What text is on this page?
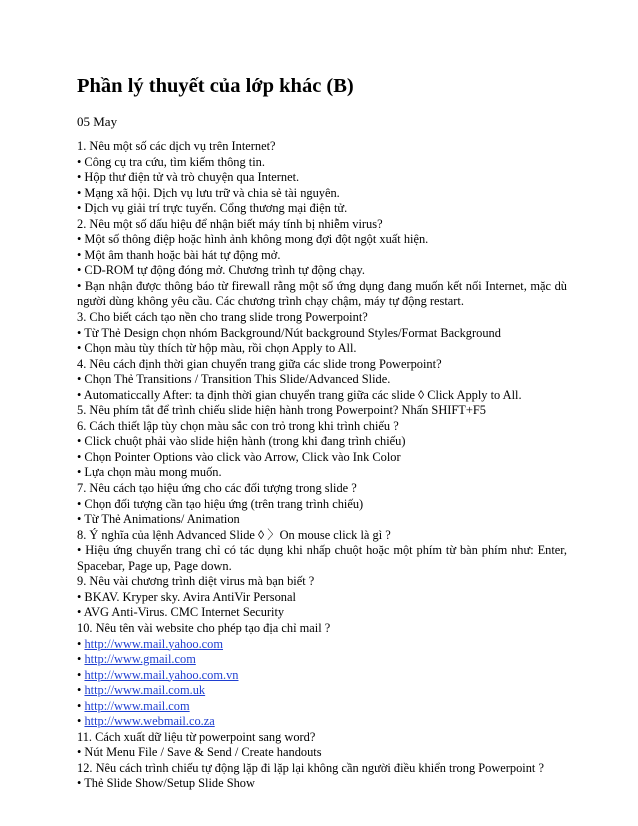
Phần lý thuyết của lớp khác (B)
05 May
1. Nêu một số các dịch vụ trên Internet?
• Công cụ tra cứu, tìm kiếm thông tin.
• Hộp thư điện tử và trò chuyện qua Internet.
• Mạng xã hội. Dịch vụ lưu trữ và chia sẻ tài nguyên.
• Dịch vụ giải trí trực tuyến. Cổng thương mại điện tử.
2. Nêu một số dấu hiệu để nhận biết máy tính bị nhiễm virus?
• Một số thông điệp hoặc hình ảnh không mong đợi đột ngột xuất hiện.
• Một âm thanh hoặc bài hát tự động mở.
• CD-ROM tự động đóng mở. Chương trình tự động chạy.
• Bạn nhận được thông báo từ firewall rằng một số ứng dụng đang muốn kết nối Internet, mặc dù người dùng không yêu cầu. Các chương trình chạy chậm, máy tự động restart.
3. Cho biết cách tạo nền cho trang slide trong Powerpoint?
• Từ Thẻ Design chọn nhóm Background/Nút background Styles/Format Background
• Chọn màu tùy thích từ hộp màu, rồi chọn Apply to All.
4. Nêu cách định thời gian chuyển trang giữa các slide trong Powerpoint?
• Chọn Thẻ Transitions / Transition This Slide/Advanced Slide.
• Automaticcally After: ta định thời gian chuyển trang giữa các slide ◊ Click Apply to All.
5. Nêu phím tắt để trình chiếu slide hiện hành trong Powerpoint? Nhấn SHIFT+F5
6. Cách thiết lập tùy chọn màu sắc con trỏ trong khi trình chiếu ?
• Click chuột phải vào slide hiện hành (trong khi đang trình chiếu)
• Chọn Pointer Options vào click vào Arrow, Click vào Ink Color
• Lựa chọn màu mong muốn.
7. Nêu cách tạo hiệu ứng cho các đối tượng trong slide ?
• Chọn đối tượng cần tạo hiệu ứng (trên trang trình chiếu)
• Từ Thẻ Animations/ Animation
8. Ý nghĩa của lệnh Advanced Slide ◊ 〉On mouse click là gì ?
• Hiệu ứng chuyển trang chỉ có tác dụng khi nhấp chuột hoặc một phím từ bàn phím như: Enter, Spacebar, Page up, Page down.
9. Nêu vài chương trình diệt virus mà bạn biết ?
• BKAV. Kryper sky. Avira AntiVir Personal
• AVG Anti-Virus. CMC Internet Security
10. Nêu tên vài website cho phép tạo địa chỉ mail ?
• http://www.mail.yahoo.com
• http://www.gmail.com
• http://www.mail.yahoo.com.vn
• http://www.mail.com.uk
• http://www.mail.com
• http://www.webmail.co.za
11. Cách xuất dữ liệu từ powerpoint sang word?
• Nút Menu File / Save & Send / Create handouts
12. Nêu cách trình chiếu tự động lặp đi lặp lại không cần người điều khiển trong Powerpoint ?
• Thẻ Slide Show/Setup Slide Show
